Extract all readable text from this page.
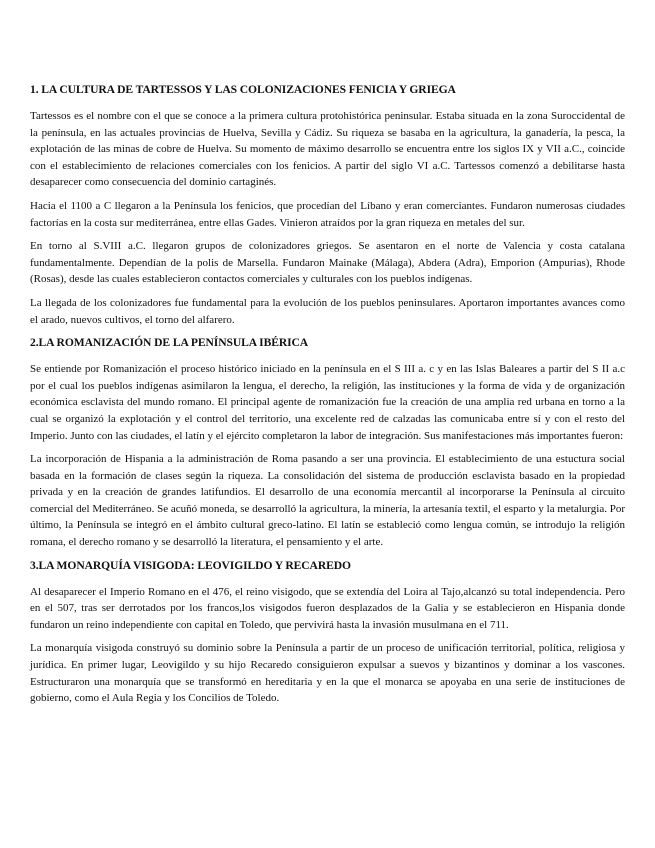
1. LA CULTURA DE TARTESSOS Y LAS COLONIZACIONES FENICIA Y GRIEGA

Tartessos es el nombre con el que se conoce a la primera cultura protohistórica peninsular. Estaba situada en la zona Suroccidental de la península, en las actuales provincias de Huelva, Sevilla y Cádiz. Su riqueza se basaba en la agricultura, la ganadería, la pesca, la explotación de las minas de cobre de Huelva. Su momento de máximo desarrollo se encuentra entre los siglos IX y VII a.C., coincide con el establecimiento de relaciones comerciales con los fenicios. A partir del siglo VI a.C. Tartessos comenzó a debilitarse hasta desaparecer como consecuencia del dominio cartaginés.

Hacia el 1100 a C llegaron a la Península los fenicios, que procedían del Líbano y eran comerciantes. Fundaron numerosas ciudades factorías en la costa sur mediterránea, entre ellas Gades. Vinieron atraídos por la gran riqueza en metales del sur.

En torno al S.VIII a.C. llegaron grupos de colonizadores griegos. Se asentaron en el norte de Valencia y costa catalana fundamentalmente. Dependían de la polis de Marsella. Fundaron Mainake (Málaga), Abdera (Adra), Emporion (Ampurias), Rhode (Rosas), desde las cuales establecieron contactos comerciales y culturales con los pueblos indígenas.

La llegada de los colonizadores fue fundamental para la evolución de los pueblos peninsulares. Aportaron importantes avances como el arado, nuevos cultivos, el torno del alfarero.

2.LA ROMANIZACIÓN DE LA PENÍNSULA IBÉRICA

Se entiende por Romanización el proceso histórico iniciado en la península en el S III a. c y en las Islas Baleares a partir del S II a.c por el cual los pueblos indígenas asimilaron la lengua, el derecho, la religión, las instituciones y la forma de vida y de organización económica esclavista del mundo romano. El principal agente de romanización fue la creación de una amplia red urbana en torno a la cual se organizó la explotación y el control del territorio, una excelente red de calzadas las comunicaba entre sí y con el resto del Imperio. Junto con las ciudades, el latín y el ejército completaron la labor de integración. Sus manifestaciones más importantes fueron:

La incorporación de Hispania a la administración de Roma pasando a ser una provincia. El establecimiento de una estuctura social basada en la formación de clases según la riqueza. La consolidación del sistema de producción esclavista basado en la propiedad privada y en la creación de grandes latifundios. El desarrollo de una economía mercantil al incorporarse la Península al circuito comercial del Mediterráneo. Se acuñó moneda, se desarrolló la agricultura, la minería, la artesanía textil, el esparto y la metalurgia. Por último, la Península se integró en el ámbito cultural greco-latino. El latín se estableció como lengua común, se introdujo la religión romana, el derecho romano y se desarrolló la literatura, el pensamiento y el arte.

3.LA MONARQUÍA VISIGODA: LEOVIGILDO Y RECAREDO

Al desaparecer el Imperio Romano en el 476, el reino visigodo, que se extendía del Loira al Tajo,alcanzó su total independencia. Pero en el 507, tras ser derrotados por los francos,los visigodos fueron desplazados de la Galia y se establecieron en Hispania donde fundaron un reino independiente con capital en Toledo, que pervivirá hasta la invasión musulmana en el 711.

La monarquía visigoda construyó su dominio sobre la Península a partir de un proceso de unificación territorial, política, religiosa y jurídica. En primer lugar, Leovigildo y su hijo Recaredo consiguieron expulsar a suevos y bizantinos y dominar a los vascones. Estructuraron una monarquía que se transformó en hereditaria y en la que el monarca se apoyaba en una serie de instituciones de gobierno, como el Aula Regia y los Concilios de Toledo.
